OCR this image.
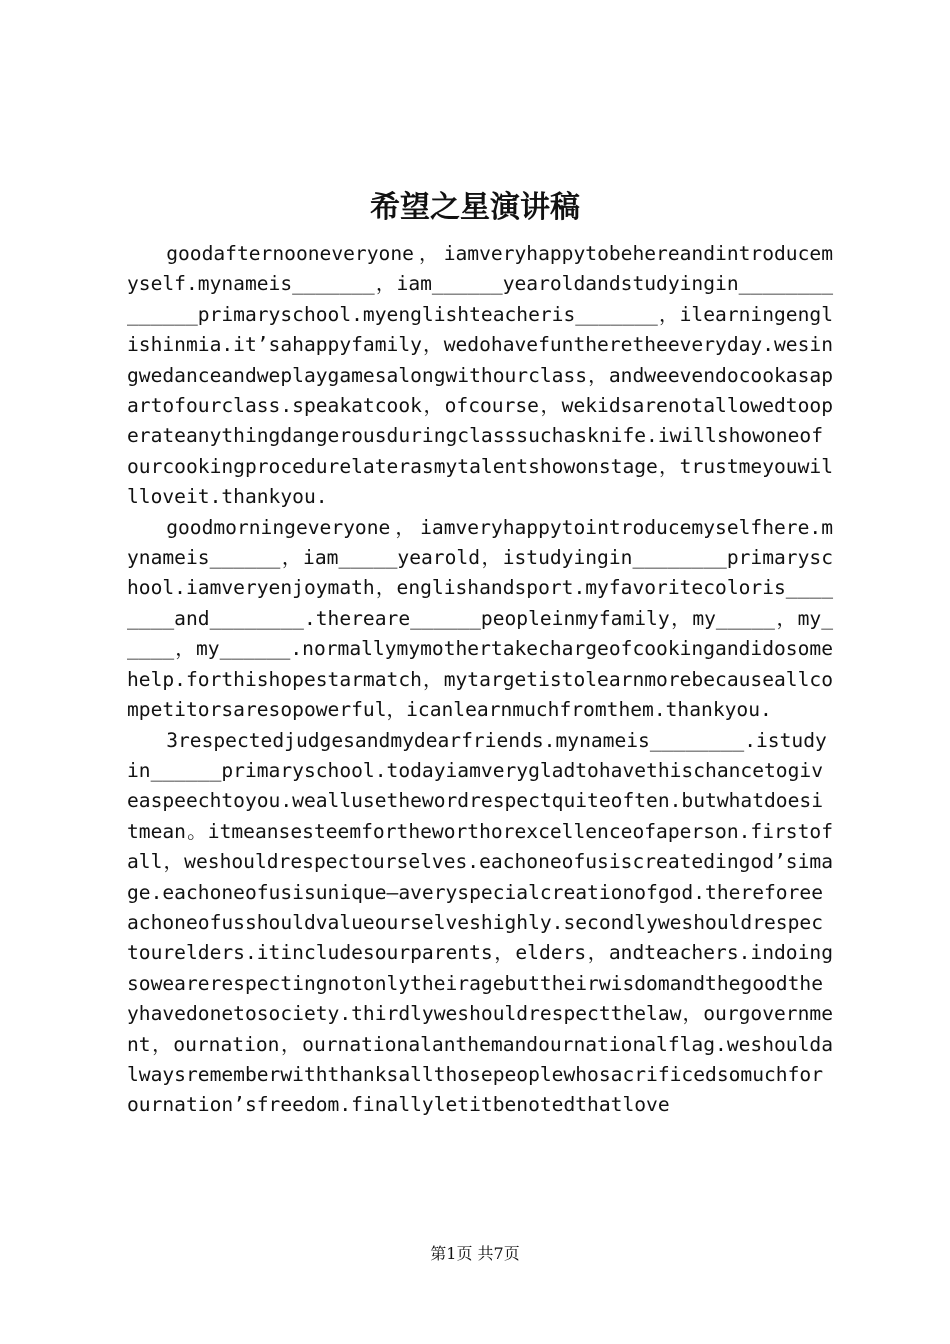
希望之星演讲稿

goodafternooneveryone，iamveryhappytobehereandintroducemyself.mynameis_______，iam______yearoldandstudyingin______________primaryschool.myenglishteacheris_______，ilearningenglishinmia.it’sahappyfamily，wedohavefuntheretheeveryday.wesingwedanceandweplaygamesalongwithourclass，andweevendocookasapartofourclass.speakatcook，ofcourse，wekidsarenotallowedtooperateanythingdangerousduringclasssuchasknife.iwillshowoneofourcookingprocedurelaterasmytalentshowonstage，trustmeyouwillloveit.thankyou.

goodmorningeveryone，iamveryhappytointroducemyselfhere.mynameis______，iam_____yearold，istudyingin________primaryschool.iamveryenjoymath，englishandsport.myfavoritecoloris________and________.thereare______peopleinmyfamily，my_____，my_____，my______.normallymymothertakechargeofcookingandidosomehelp.forthishopestarmatch，mytargetistolearnmorebecauseallcompetitorsaresopowerful，icanlearnmuchfromthem.thankyou.

3respectedjudgesandmydearfriends.mynameis________.istudyin______primaryschool.todayiamverygladtohavethischancetogiveaspeechtoyou.weallusethewordrespectquiteoften.butwhatdoesitmean。itmeansesteemfortheworthorexcellenceofaperson.firstofall，weshouldrespectourselves.eachoneofusiscreatedingod’simage.eachoneofusisunique—averyspecialcreationofgod.thereforeeachoneofusshouldvalueourselveshighly.secondlyweshouldrespectourelders.itincludesourparents，elders，andteachers.indoingsowearerespectingnotonlytheiragebuttheirwisdomandthegoodtheyhavedonetosociety.thirdlyweshouldrespectthelaw，ourgovernment，ournation，ournationalanthemandournationalflag.weshouldalwaysrememberwiththanksallthosepeoplewhosacrificedsomuchforournation’sfreedom.finallyletitbenotedthatlove

第1页 共7页
